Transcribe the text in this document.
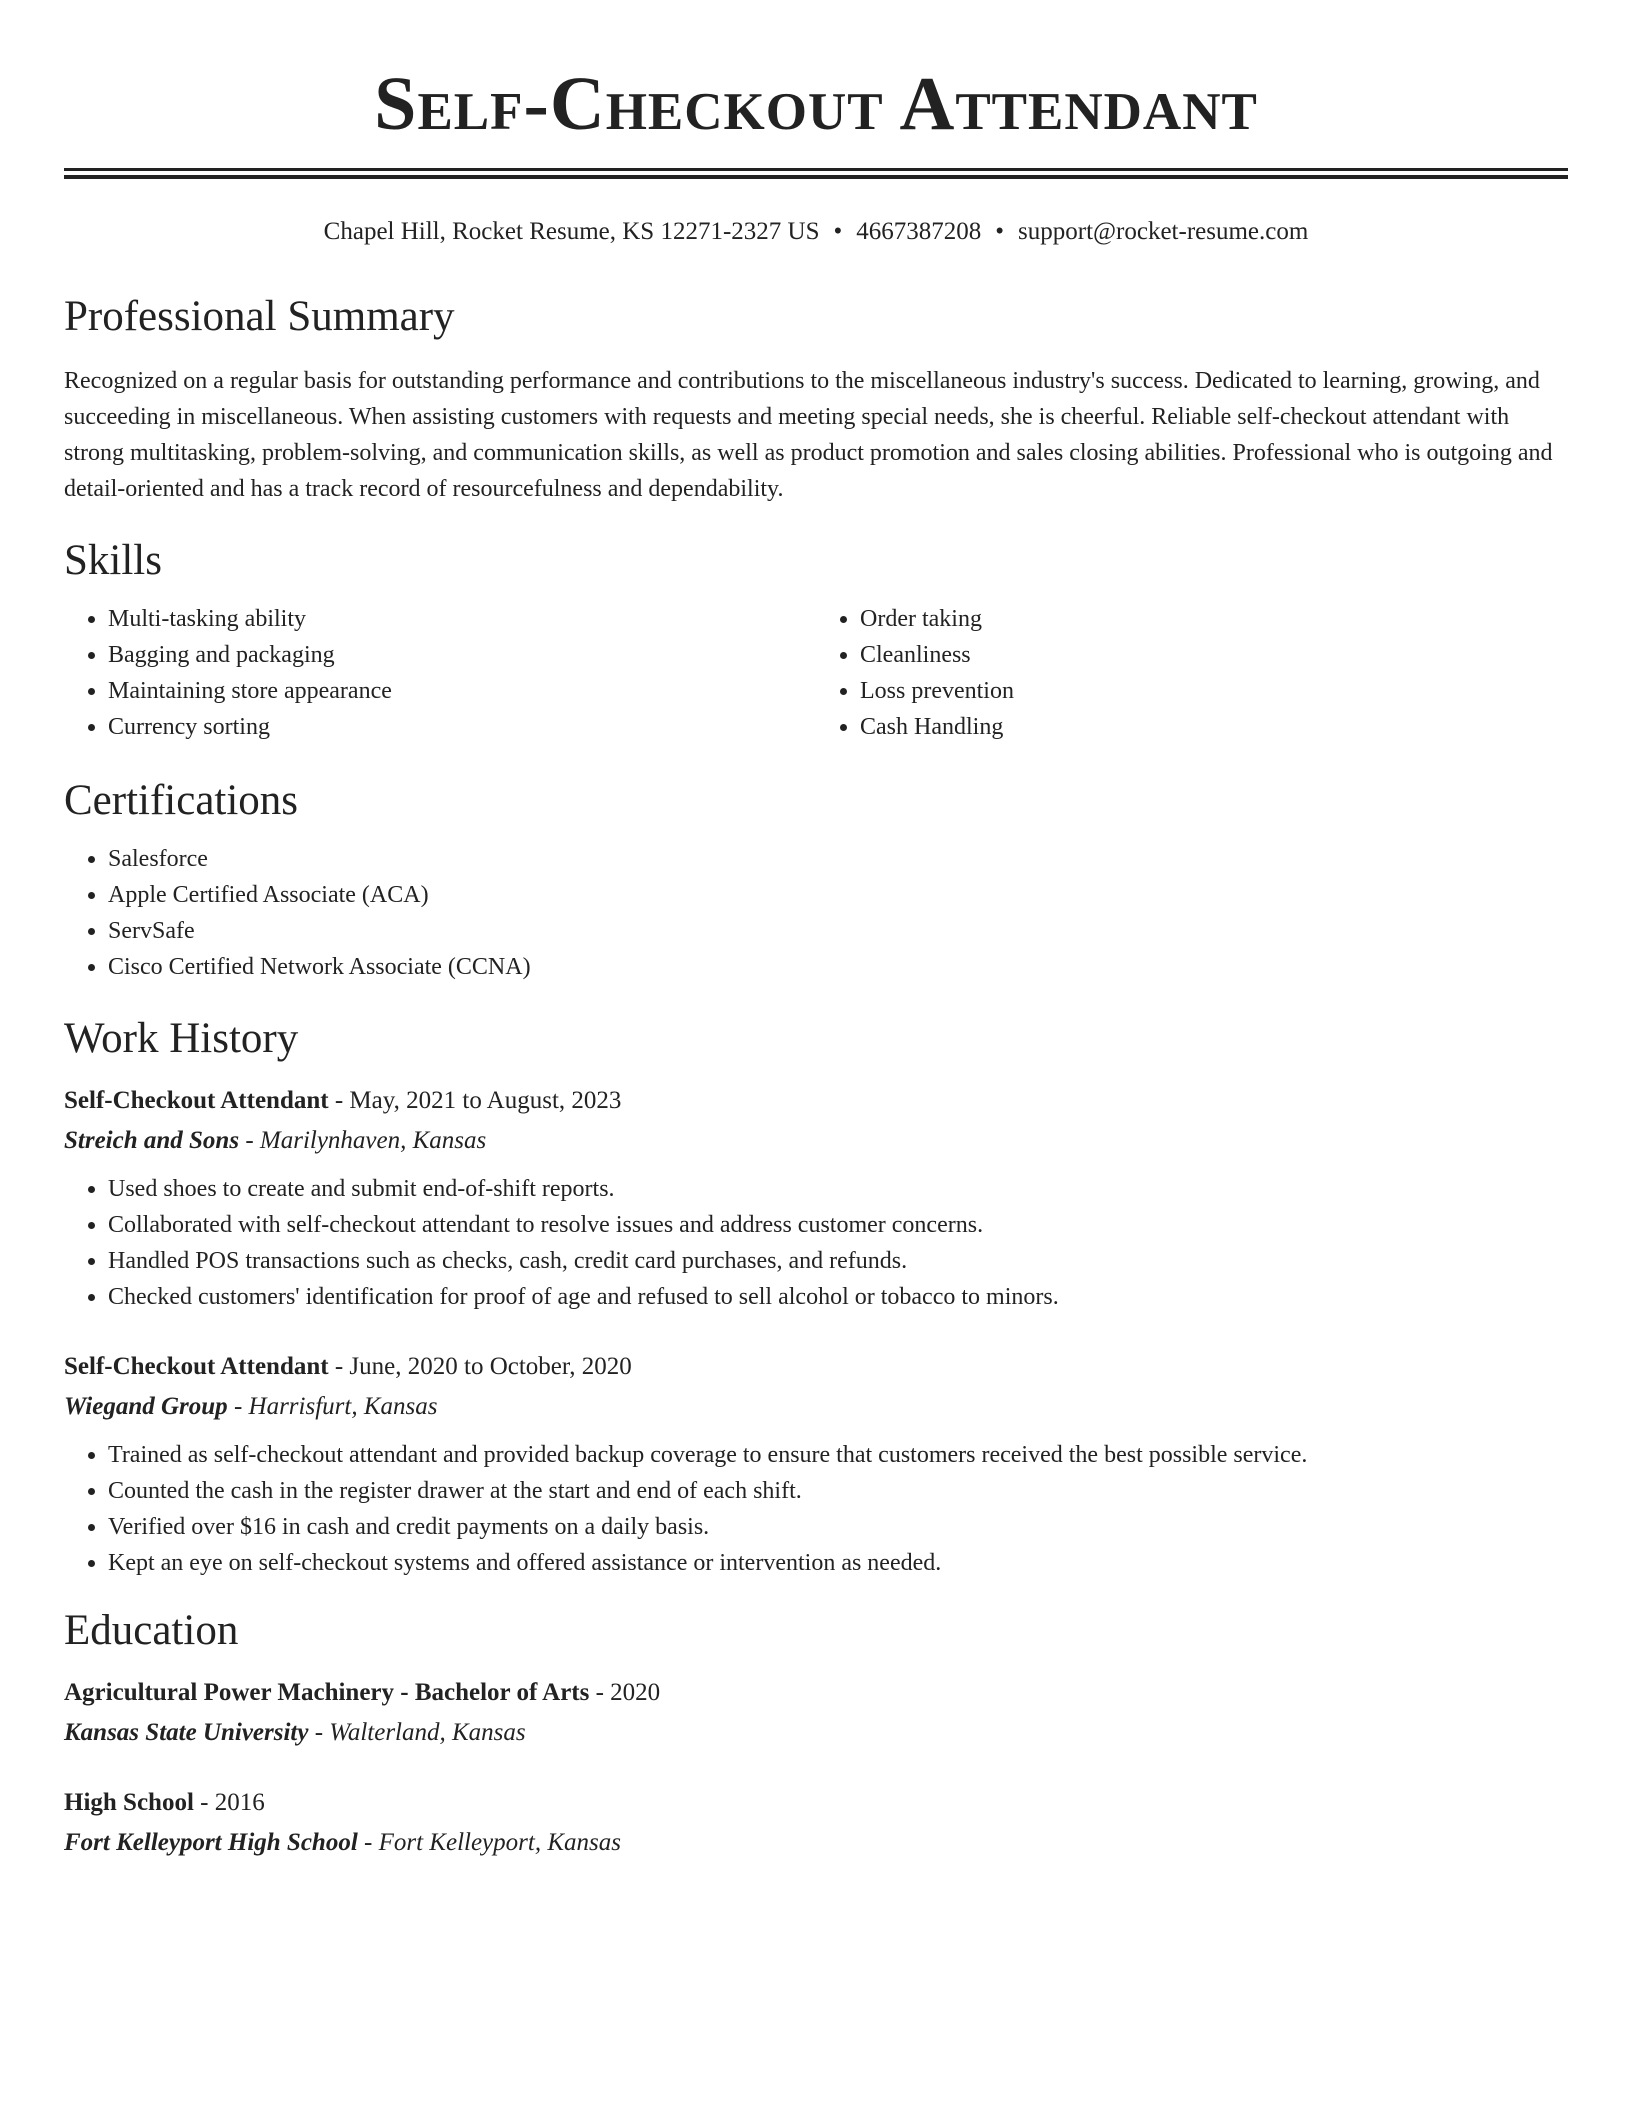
Self-Checkout Attendant
Chapel Hill, Rocket Resume, KS 12271-2327 US • 4667387208 • support@rocket-resume.com
Professional Summary

Recognized on a regular basis for outstanding performance and contributions to the miscellaneous industry's success. Dedicated to learning, growing, and succeeding in miscellaneous. When assisting customers with requests and meeting special needs, she is cheerful. Reliable self-checkout attendant with strong multitasking, problem-solving, and communication skills, as well as product promotion and sales closing abilities. Professional who is outgoing and detail-oriented and has a track record of resourcefulness and dependability.

Skills
• Multi-tasking ability
• Bagging and packaging
• Maintaining store appearance
• Currency sorting
• Order taking
• Cleanliness
• Loss prevention
• Cash Handling
Certifications
• Salesforce
• Apple Certified Associate (ACA)
• ServSafe
• Cisco Certified Network Associate (CCNA)
Work History
Self-Checkout Attendant - May, 2021 to August, 2023
Streich and Sons - Marilynhaven, Kansas
• Used shoes to create and submit end-of-shift reports.
• Collaborated with self-checkout attendant to resolve issues and address customer concerns.
• Handled POS transactions such as checks, cash, credit card purchases, and refunds.
• Checked customers' identification for proof of age and refused to sell alcohol or tobacco to minors.
Self-Checkout Attendant - June, 2020 to October, 2020
Wiegand Group - Harrisfurt, Kansas
• Trained as self-checkout attendant and provided backup coverage to ensure that customers received the best possible service.
• Counted the cash in the register drawer at the start and end of each shift.
• Verified over $16 in cash and credit payments on a daily basis.
• Kept an eye on self-checkout systems and offered assistance or intervention as needed.
Education
Agricultural Power Machinery - Bachelor of Arts - 2020
Kansas State University - Walterland, Kansas
High School - 2016
Fort Kelleyport High School - Fort Kelleyport, Kansas
